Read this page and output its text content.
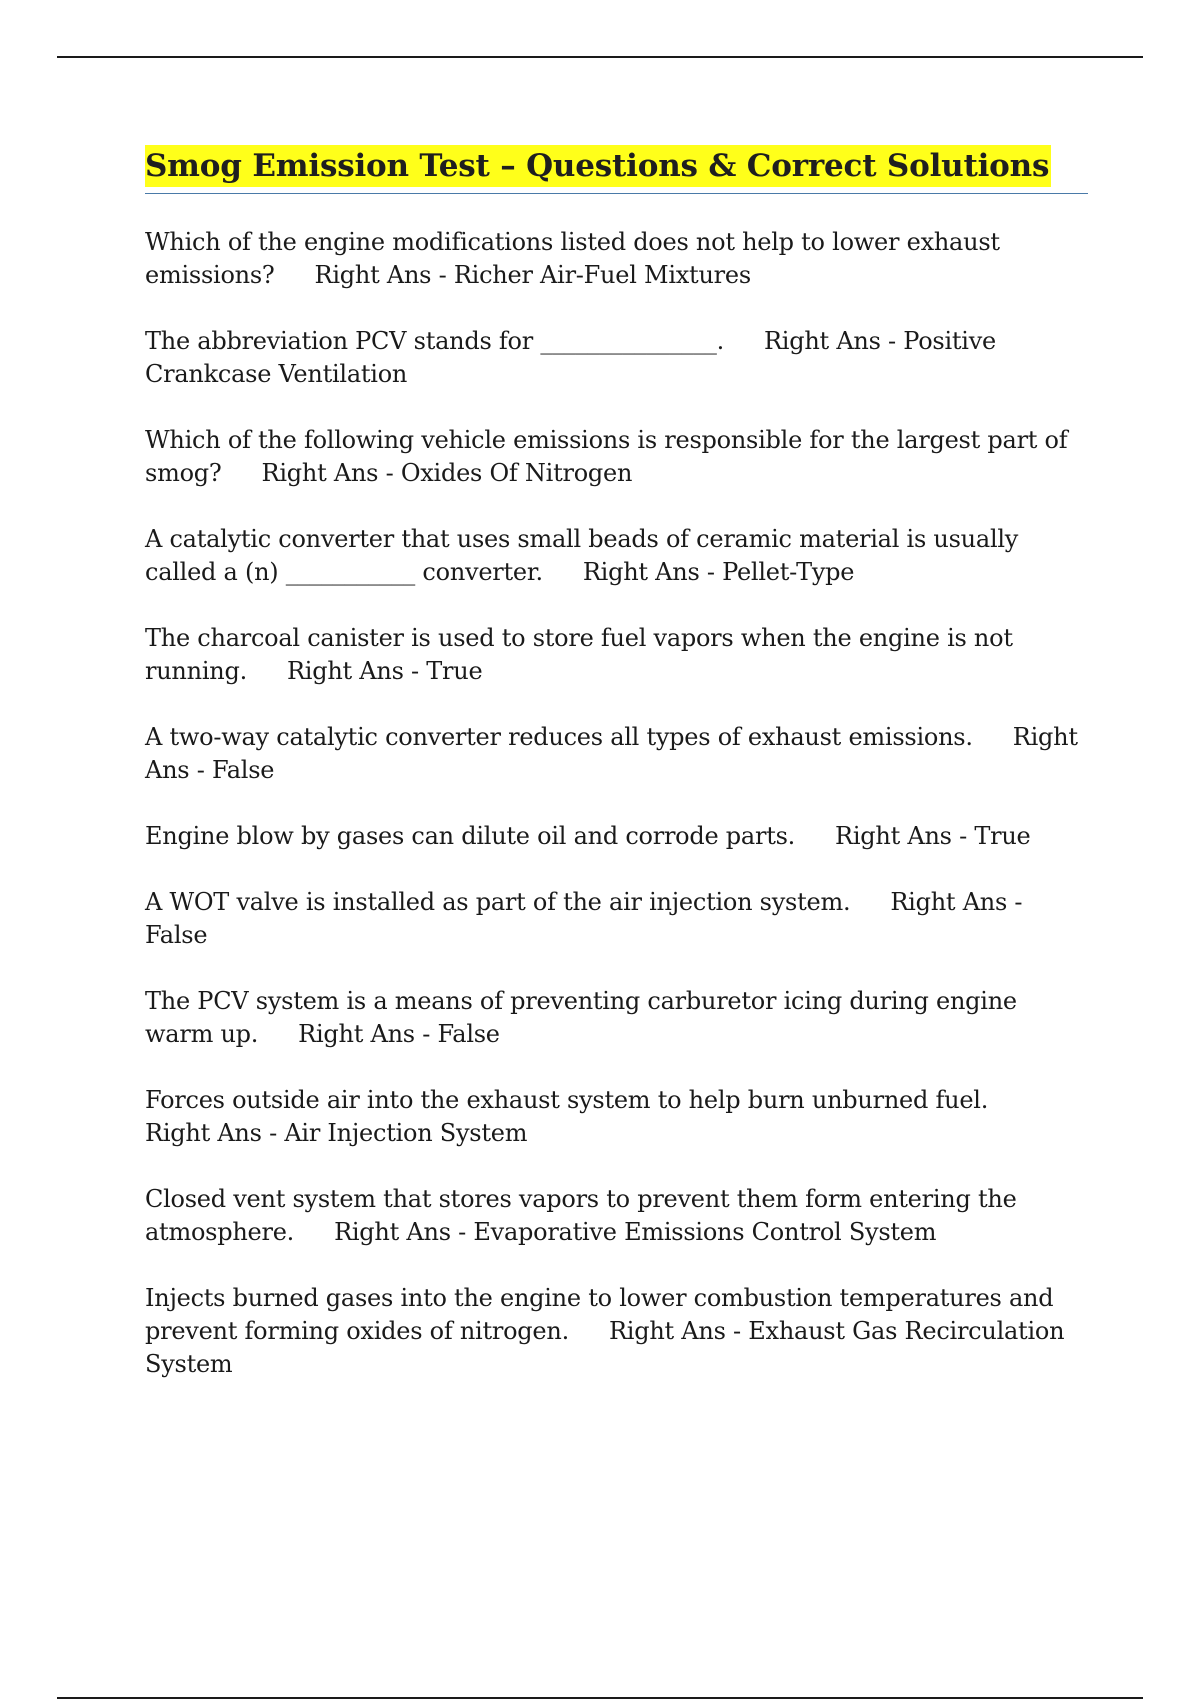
Smog Emission Test – Questions & Correct Solutions

Which of the engine modifications listed does not help to lower exhaust emissions? Right Ans - Richer Air-Fuel Mixtures

The abbreviation PCV stands for _______________. Right Ans - Positive Crankcase Ventilation

Which of the following vehicle emissions is responsible for the largest part of smog? Right Ans - Oxides Of Nitrogen

A catalytic converter that uses small beads of ceramic material is usually called a (n) ___________ converter. Right Ans - Pellet-Type

The charcoal canister is used to store fuel vapors when the engine is not running. Right Ans - True

A two-way catalytic converter reduces all types of exhaust emissions. Right Ans - False

Engine blow by gases can dilute oil and corrode parts. Right Ans - True

A WOT valve is installed as part of the air injection system. Right Ans - False

The PCV system is a means of preventing carburetor icing during engine warm up. Right Ans - False

Forces outside air into the exhaust system to help burn unburned fuel.Right Ans - Air Injection System

Closed vent system that stores vapors to prevent them form entering the atmosphere. Right Ans - Evaporative Emissions Control System

Injects burned gases into the engine to lower combustion temperatures and prevent forming oxides of nitrogen. Right Ans - Exhaust Gas Recirculation System
